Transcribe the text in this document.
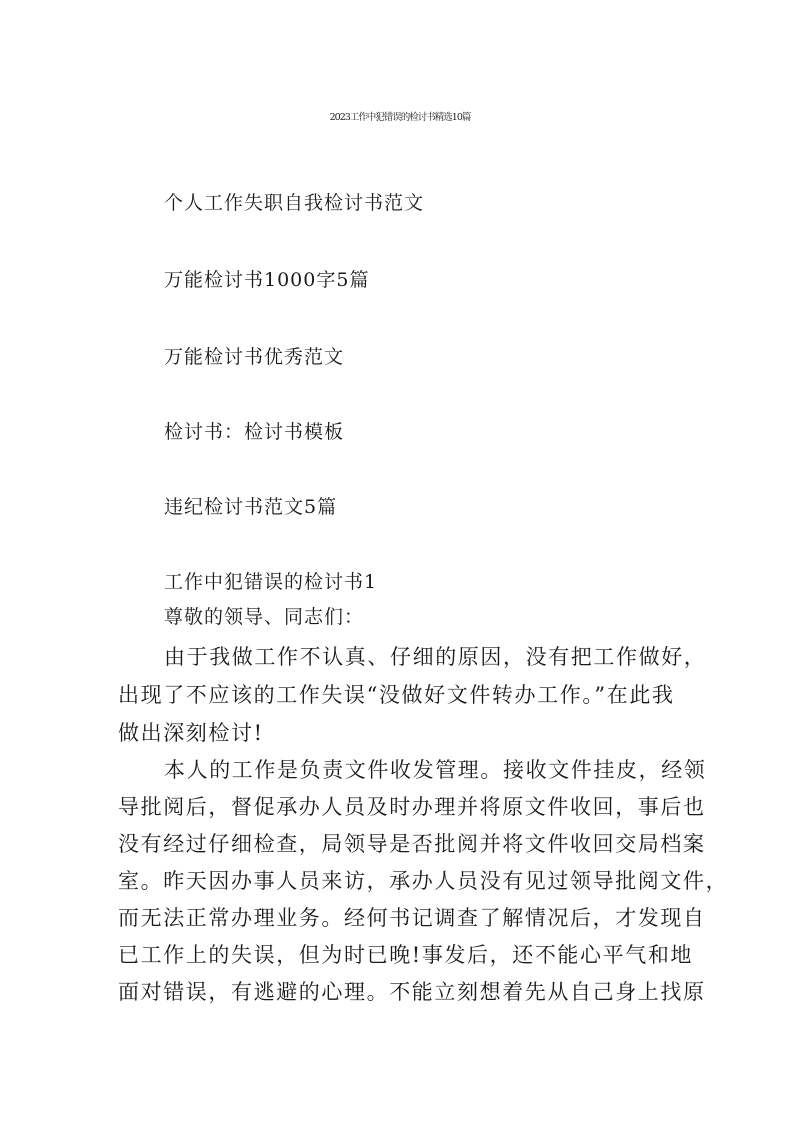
2023工作中犯错误的检讨书精选10篇
个人工作失职自我检讨书范文
万能检讨书1000字5篇
万能检讨书优秀范文
检讨书：检讨书模板
违纪检讨书范文5篇
工作中犯错误的检讨书1
尊敬的领导、同志们：
由于我做工作不认真、仔细的原因，没有把工作做好，
出现了不应该的工作失误“没做好文件转办工作。”在此我
做出深刻检讨!
本人的工作是负责文件收发管理。接收文件挂皮，经领
导批阅后，督促承办人员及时办理并将原文件收回，事后也
没有经过仔细检查，局领导是否批阅并将文件收回交局档案
室。昨天因办事人员来访，承办人员没有见过领导批阅文件，
而无法正常办理业务。经何书记调查了解情况后，才发现自
已工作上的失误，但为时已晚!事发后，还不能心平气和地
面对错误，有逃避的心理。不能立刻想着先从自己身上找原
